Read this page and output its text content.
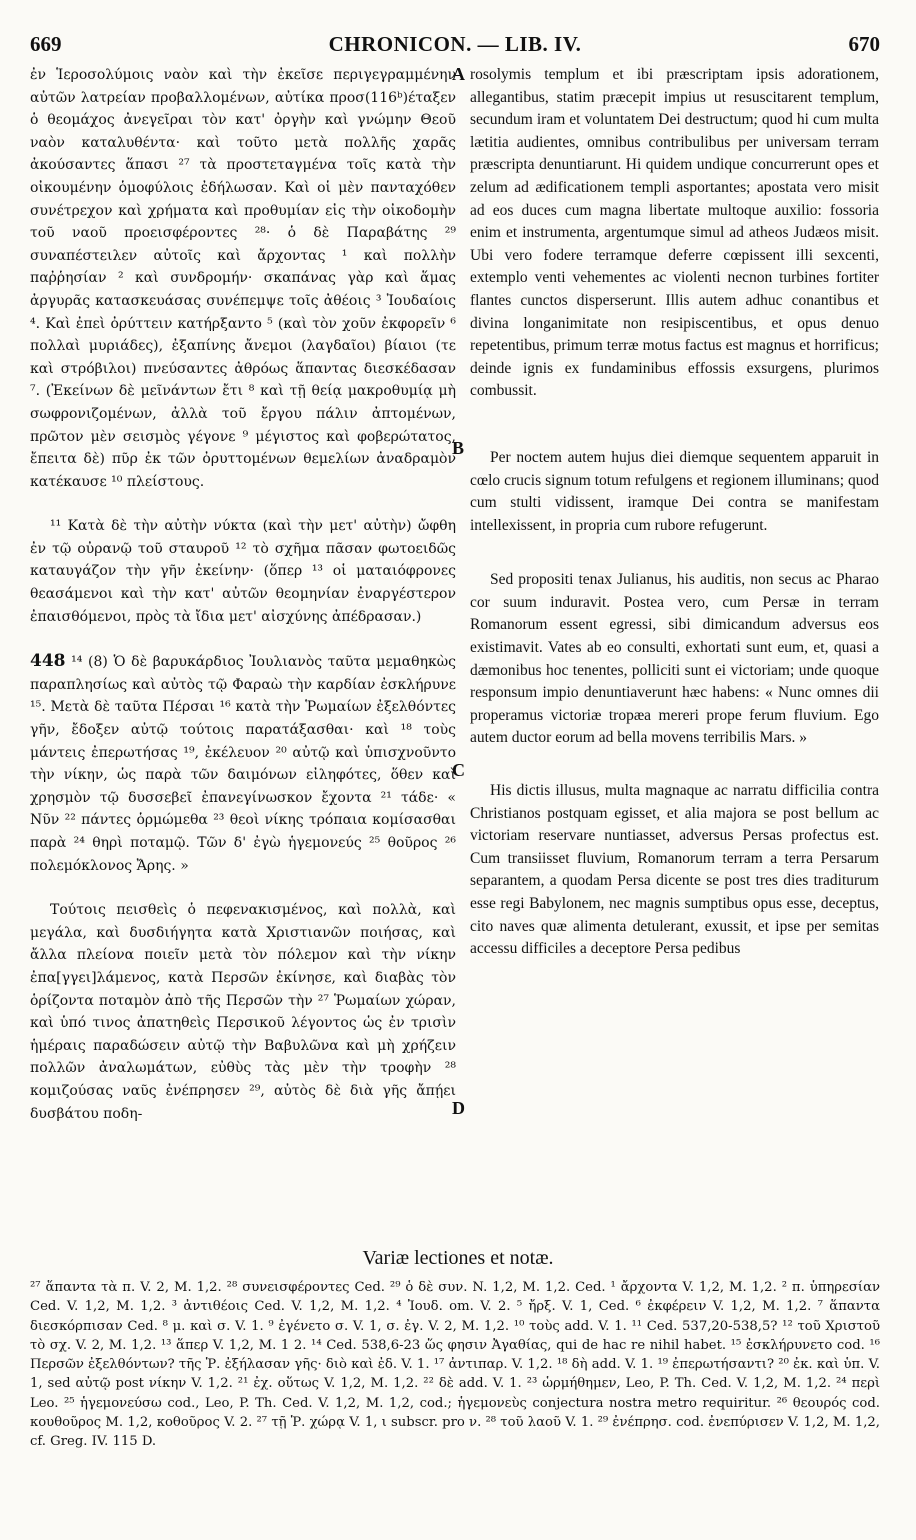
669	CHRONICON. — LIB. IV.	670

ἐν Ἱεροσολύμοις ναὸν καὶ τὴν ἐκεῖσε περιγεγραμμένην αὐτῶν λατρείαν προβαλλομένων, αὐτίκα προσ(116ᵇ)έταξεν ὁ θεομάχος ἀνεγεῖραι τὸν κατ' ὀργὴν καὶ γνώμην Θεοῦ ναὸν καταλυθέντα· καὶ τοῦτο μετὰ πολλῆς χαρᾶς ἀκούσαντες ἅπασι ²⁷ τὰ προστεταγμένα τοῖς κατὰ τὴν οἰκουμένην ὁμοφύλοις ἐδήλωσαν. Καὶ οἱ μὲν πανταχόθεν συνέτρεχον καὶ χρήματα καὶ προθυμίαν εἰς τὴν οἰκοδομὴν τοῦ ναοῦ προεισφέροντες ²⁸· ὁ δὲ Παραβάτης ²⁹ συναπέστειλεν αὐτοῖς καὶ ἄρχοντας ¹ καὶ πολλὴν παῤῥησίαν ² καὶ συνδρομήν· σκαπάνας γὰρ καὶ ἅμας ἀργυρᾶς κατασκευάσας συνέπεμψε τοῖς ἀθέοις ³ Ἰουδαίοις ⁴. Καὶ ἐπεὶ ὀρύττειν κατήρξαντο ⁵ (καὶ τὸν χοῦν ἐκφορεῖν ⁶ πολλαὶ μυριάδες), ἐξαπίνης ἄνεμοι (λαγδαῖοι) βίαιοι (τε καὶ στρόβιλοι) πνεύσαντες ἀθρόως ἅπαντας διεσκέδασαν ⁷. (Ἐκείνων δὲ μεῖνάντων ἔτι ⁸ καὶ τῇ θείᾳ μακροθυμίᾳ μὴ σωφρονιζομένων, ἀλλὰ τοῦ ἔργου πάλιν ἀπτομένων, πρῶτον μὲν σεισμὸς γέγονε ⁹ μέγιστος καὶ φοβερώτατος, ἔπειτα δὲ) πῦρ ἐκ τῶν ὀρυττομένων θεμελίων ἀναδραμὸν κατέκαυσε ¹⁰ πλείστους.

¹¹ Κατὰ δὲ τὴν αὐτὴν νύκτα (καὶ τὴν μετ' αὐτὴν) ὤφθη ἐν τῷ οὐρανῷ τοῦ σταυροῦ ¹² τὸ σχῆμα πᾶσαν φωτοειδῶς καταυγάζον τὴν γῆν ἐκείνην· (ὅπερ ¹³ οἱ ματαιόφρονες θεασάμενοι καὶ τὴν κατ' αὐτῶν θεομηνίαν ἐναργέστερον ἐπαισθόμενοι, πρὸς τὰ ἴδια μετ' αἰσχύνης ἀπέδρασαν.)

448 ¹⁴ (8) Ὁ δὲ βαρυκάρδιος Ἰουλιανὸς ταῦτα μεμαθηκὼς παραπλησίως καὶ αὐτὸς τῷ Φαραὼ τὴν καρδίαν ἐσκλήρυνε ¹⁵. Μετὰ δὲ ταῦτα Πέρσαι ¹⁶ κατὰ τὴν Ῥωμαίων ἐξελθόντες γῆν, ἔδοξεν αὐτῷ τούτοις παρατάξασθαι· καὶ ¹⁸ τοὺς μάντεις ἐπερωτήσας ¹⁹, ἐκέλευον ²⁰ αὐτῷ καὶ ὑπισχνοῦντο τὴν νίκην, ὡς παρὰ τῶν δαιμόνων εἰληφότες, ὅθεν καὶ χρησμὸν τῷ δυσσεβεῖ ἐπανεγίνωσκον ἔχοντα ²¹ τάδε· « Νῦν ²² πάντες ὁρμώμεθα ²³ θεοὶ νίκης τρόπαια κομίσασθαι παρὰ ²⁴ θηρὶ ποταμῷ. Τῶν δ' ἐγὼ ἡγεμονεύς ²⁵ θοῦρος ²⁶ πολεμόκλονος Ἄρης. »

Τούτοις πεισθεὶς ὁ πεφενακισμένος, καὶ πολλὰ, καὶ μεγάλα, καὶ δυσδιήγητα κατὰ Χριστιανῶν ποιήσας, καὶ ἄλλα πλείονα ποιεῖν μετὰ τὸν πόλεμον καὶ τὴν νίκην ἐπα[γγει]λάμενος, κατὰ Περσῶν ἐκίνησε, καὶ διαβὰς τὸν ὁρίζοντα ποταμὸν ἀπὸ τῆς Περσῶν τὴν ²⁷ Ῥωμαίων χώραν, καὶ ὑπό τινος ἀπατηθεὶς Περσικοῦ λέγοντος ὡς ἐν τρισὶν ἡμέραις παραδώσειν αὐτῷ τὴν Βαβυλῶνα καὶ μὴ χρήζειν πολλῶν ἀναλωμάτων, εὐθὺς τὰς μὲν τὴν τροφὴν ²⁸ κομιζούσας ναῦς ἐνέπρησεν ²⁹, αὐτὸς δὲ διὰ γῆς ἄπῄει δυσβάτου ποδη-

A
B
C
D

rosolymis templum et ibi præscriptam ipsis adorationem, allegantibus, statim præcepit impius ut resuscitarent templum, secundum iram et voluntatem Dei destructum; quod hi cum multa lætitia audientes, omnibus contribulibus per universam terram præscripta denuntiarunt. Hi quidem undique concurrerunt opes et zelum ad ædificationem templi asportantes; apostata vero misit ad eos duces cum magna libertate multoque auxilio: fossoria enim et instrumenta, argentumque simul ad atheos Judæos misit. Ubi vero fodere terramque deferre cœpissent illi sexcenti, extemplo venti vehementes ac violenti necnon turbines fortiter flantes cunctos disperserunt. Illis autem adhuc conantibus et divina longanimitate non resipiscentibus, et opus denuo repetentibus, primum terræ motus factus est magnus et horrificus; deinde ignis ex fundaminibus effossis exsurgens, plurimos combussit.

Per noctem autem hujus diei diemque sequentem apparuit in cœlo crucis signum totum refulgens et regionem illuminans; quod cum stulti vidissent, iramque Dei contra se manifestam intellexissent, in propria cum rubore refugerunt.

Sed propositi tenax Julianus, his auditis, non secus ac Pharao cor suum induravit. Postea vero, cum Persæ in terram Romanorum essent egressi, sibi dimicandum adversus eos existimavit. Vates ab eo consulti, exhortati sunt eum, et, quasi a dæmonibus hoc tenentes, polliciti sunt ei victoriam; unde quoque responsum impio denuntiaverunt hæc habens: « Nunc omnes dii properamus victoriæ tropæa mereri prope ferum fluvium. Ego autem ductor eorum ad bella movens terribilis Mars. »

His dictis illusus, multa magnaque ac narratu difficilia contra Christianos postquam egisset, et alia majora se post bellum ac victoriam reservare nuntiasset, adversus Persas profectus est. Cum transiisset fluvium, Romanorum terram a terra Persarum separantem, a quodam Persa dicente se post tres dies traditurum esse regi Babylonem, nec magnis sumptibus opus esse, deceptus, cito naves quæ alimenta detulerant, exussit, et ipse per semitas accessu difficiles a deceptore Persa pedibus

Variæ lectiones et notæ.

²⁷ ἅπαντα τὰ π. V. 2, M. 1,2. ²⁸ συνεισφέροντες Ced. ²⁹ ὁ δὲ συν. N. 1,2, M. 1,2. Ced. ¹ ἄρχοντα V. 1,2, M. 1,2. ² π. ὑπηρεσίαν Ced. V. 1,2, M. 1,2. ³ ἀντιθέοις Ced. V. 1,2, M. 1,2. ⁴ Ἰουδ. om. V. 2. ⁵ ἤρξ. V. 1, Ced. ⁶ ἐκφέρειν V. 1,2, M. 1,2. ⁷ ἅπαντα διεσκόρπισαν Ced. ⁸ μ. καὶ σ. V. 1. ⁹ ἐγένετο σ. V. 1, σ. ἐγ. V. 2, M. 1,2. ¹⁰ τοὺς add. V. 1. ¹¹ Ced. 537,20-538,5? ¹² τοῦ Χριστοῦ τὸ σχ. V. 2, M. 1,2. ¹³ ἅπερ V. 1,2, M. 1 2. ¹⁴ Ced. 538,6-23 ὥς φησιν Ἀγαθίας, qui de hac re nihil habet. ¹⁵ ἐσκλήρυνετο cod. ¹⁶ Περσῶν ἐξελθόντων? τῆς Ῥ. ἐξήλασαν γῆς· διὸ καὶ ἐδ. V. 1. ¹⁷ ἀντιπαρ. V. 1,2. ¹⁸ δὴ add. V. 1. ¹⁹ ἐπερωτήσαντι? ²⁰ ἐκ. καὶ ὑπ. V. 1, sed αὐτῷ post νίκην V. 1,2. ²¹ ἐχ. οὕτως V. 1,2, M. 1,2. ²² δὲ add. V. 1. ²³ ὡρμήθημεν, Leo, P. Th. Ced. V. 1,2, M. 1,2. ²⁴ περὶ Leo. ²⁵ ἡγεμονεύσω cod., Leo, P. Th. Ced. V. 1,2, M. 1,2, cod.; ἡγεμονεὺς conjectura nostra metro requiritur. ²⁶ θεουρός cod. κουθοῦρος M. 1,2, κοθοῦρος V. 2. ²⁷ τῇ Ῥ. χώρᾳ V. 1, ι subscr. pro ν. ²⁸ τοῦ λαοῦ V. 1. ²⁹ ἐνέπρησ. cod. ἐνεπύρισεν V. 1,2, M. 1,2, cf. Greg. IV. 115 D.
